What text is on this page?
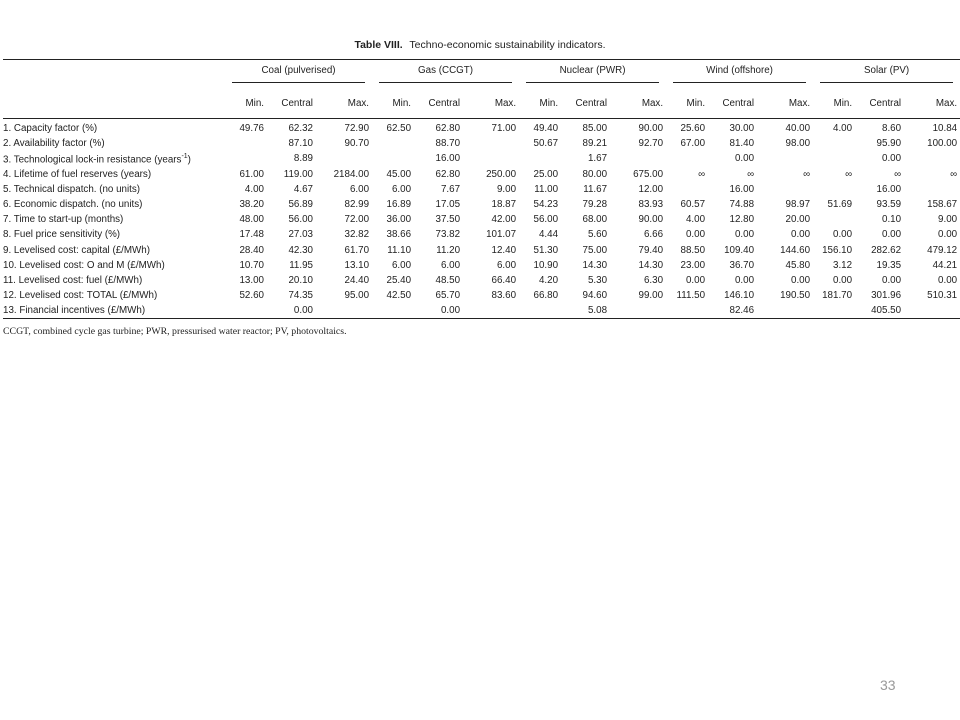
Table VIII. Techno-economic sustainability indicators.

	Coal (pulverised)			Gas (CCGT)			Nuclear (PWR)			Wind (offshore)			Solar (PV)		

	Min.	Central	Max.	Min.	Central	Max.	Min.	Central	Max.	Min.	Central	Max.	Min.	Central	Max.
1. Capacity factor (%)	49.76	62.32	72.90	62.50	62.80	71.00	49.40	85.00	90.00	25.60	30.00	40.00	4.00	8.60	10.84
2. Availability factor (%)		87.10	90.70		88.70		50.67	89.21	92.70	67.00	81.40	98.00		95.90	100.00
3. Technological lock-in resistance (years$^{-1}$)		8.89			16.00			1.67			0.00			0.00	
4. Lifetime of fuel reserves (years)	61.00	119.00	2184.00	45.00	62.80	250.00	25.00	80.00	675.00	∞	∞	∞	∞	∞	∞
5. Technical dispatch. (no units)	4.00	4.67	6.00	6.00	7.67	9.00	11.00	11.67	12.00		16.00			16.00	
6. Economic dispatch. (no units)	38.20	56.89	82.99	16.89	17.05	18.87	54.23	79.28	83.93	60.57	74.88	98.97	51.69	93.59	158.67
7. Time to start-up (months)	48.00	56.00	72.00	36.00	37.50	42.00	56.00	68.00	90.00	4.00	12.80	20.00		0.10	9.00
8. Fuel price sensitivity (%)	17.48	27.03	32.82	38.66	73.82	101.07	4.44	5.60	6.66	0.00	0.00	0.00	0.00	0.00	0.00
9. Levelised cost: capital (£/MWh)	28.40	42.30	61.70	11.10	11.20	12.40	51.30	75.00	79.40	88.50	109.40	144.60	156.10	282.62	479.12
10. Levelised cost: O and M (£/MWh)	10.70	11.95	13.10	6.00	6.00	6.00	10.90	14.30	14.30	23.00	36.70	45.80	3.12	19.35	44.21
11. Levelised cost: fuel (£/MWh)	13.00	20.10	24.40	25.40	48.50	66.40	4.20	5.30	6.30	0.00	0.00	0.00	0.00	0.00	0.00
12. Levelised cost: TOTAL (£/MWh)	52.60	74.35	95.00	42.50	65.70	83.60	66.80	94.60	99.00	111.50	146.10	190.50	181.70	301.96	510.31
13. Financial incentives (£/MWh)		0.00			0.00			5.08			82.46			405.50	
CCGT, combined cycle gas turbine; PWR, pressurised water reactor; PV, photovoltaics.
33
